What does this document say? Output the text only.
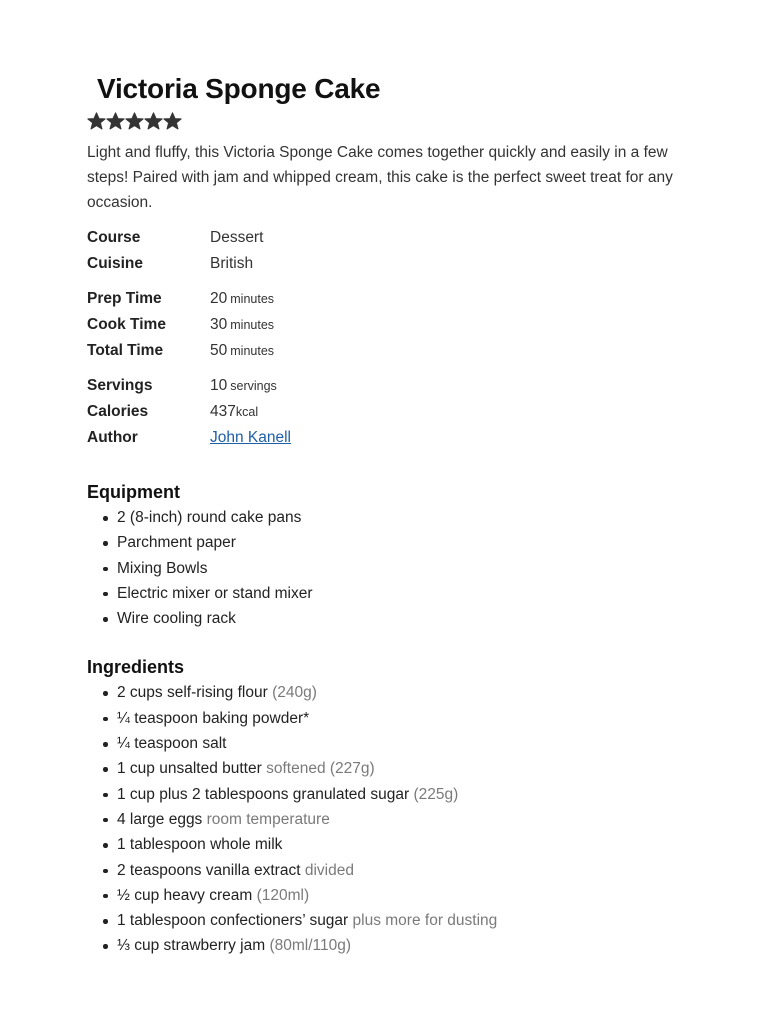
Victoria Sponge Cake

Light and fluffy, this Victoria Sponge Cake comes together quickly and easily in a few steps! Paired with jam and whipped cream, this cake is the perfect sweet treat for any occasion.

Course	Dessert
Cuisine	British
Prep Time	20 minutes
Cook Time	30 minutes
Total Time	50 minutes
Servings	10 servings
Calories	437 kcal
Author	John Kanell
Equipment
2 (8-inch) round cake pans
Parchment paper
Mixing Bowls
Electric mixer or stand mixer
Wire cooling rack
Ingredients
2 cups self-rising flour (240g)
¼ teaspoon baking powder*
¼ teaspoon salt
1 cup unsalted butter softened (227g)
1 cup plus 2 tablespoons granulated sugar (225g)
4 large eggs room temperature
1 tablespoon whole milk
2 teaspoons vanilla extract divided
½ cup heavy cream (120ml)
1 tablespoon confectioners’ sugar plus more for dusting
⅓ cup strawberry jam (80ml/110g)
